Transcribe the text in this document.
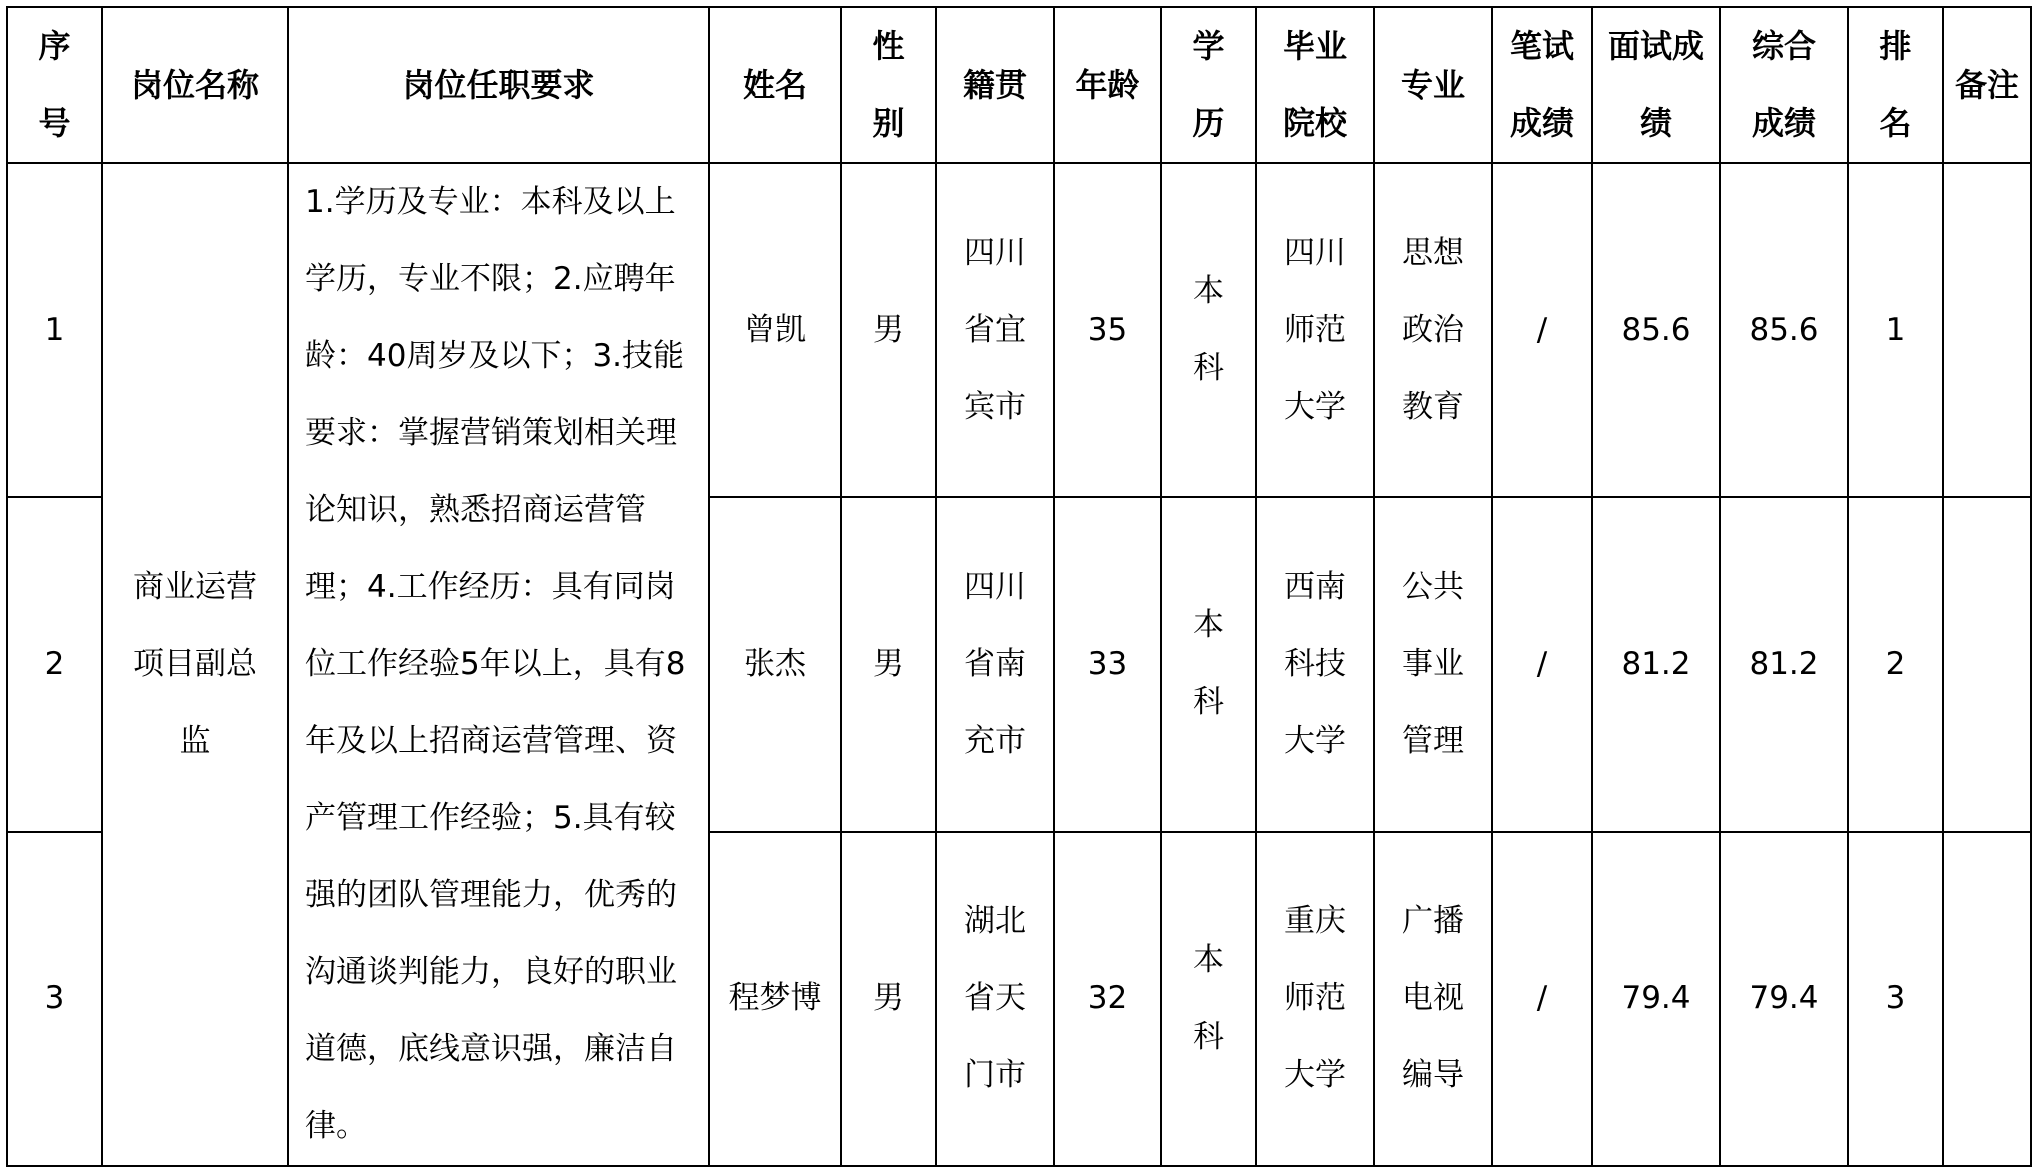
序号	岗位名称	岗位任职要求	姓名	性别	籍贯	年龄	学历	毕业院校	专业	笔试成绩	面试成绩	综合成绩	排名	备注
1	商业运营项目副总监	1.学历及专业：本科及以上学历，专业不限；2.应聘年龄：40周岁及以下；3.技能要求：掌握营销策划相关理论知识，熟悉招商运营管理；4.工作经历：具有同岗位工作经验5年以上，具有8年及以上招商运营管理、资产管理工作经验；5.具有较强的团队管理能力，优秀的沟通谈判能力，良好的职业道德，底线意识强，廉洁自律。	曾凯	男	四川省宜宾市	35	本科	四川师范大学	思想政治教育	/	85.6	85.6	1	
2			张杰	男	四川省南充市	33	本科	西南科技大学	公共事业管理	/	81.2	81.2	2	
3			程梦博	男	湖北省天门市	32	本科	重庆师范大学	广播电视编导	/	79.4	79.4	3	
